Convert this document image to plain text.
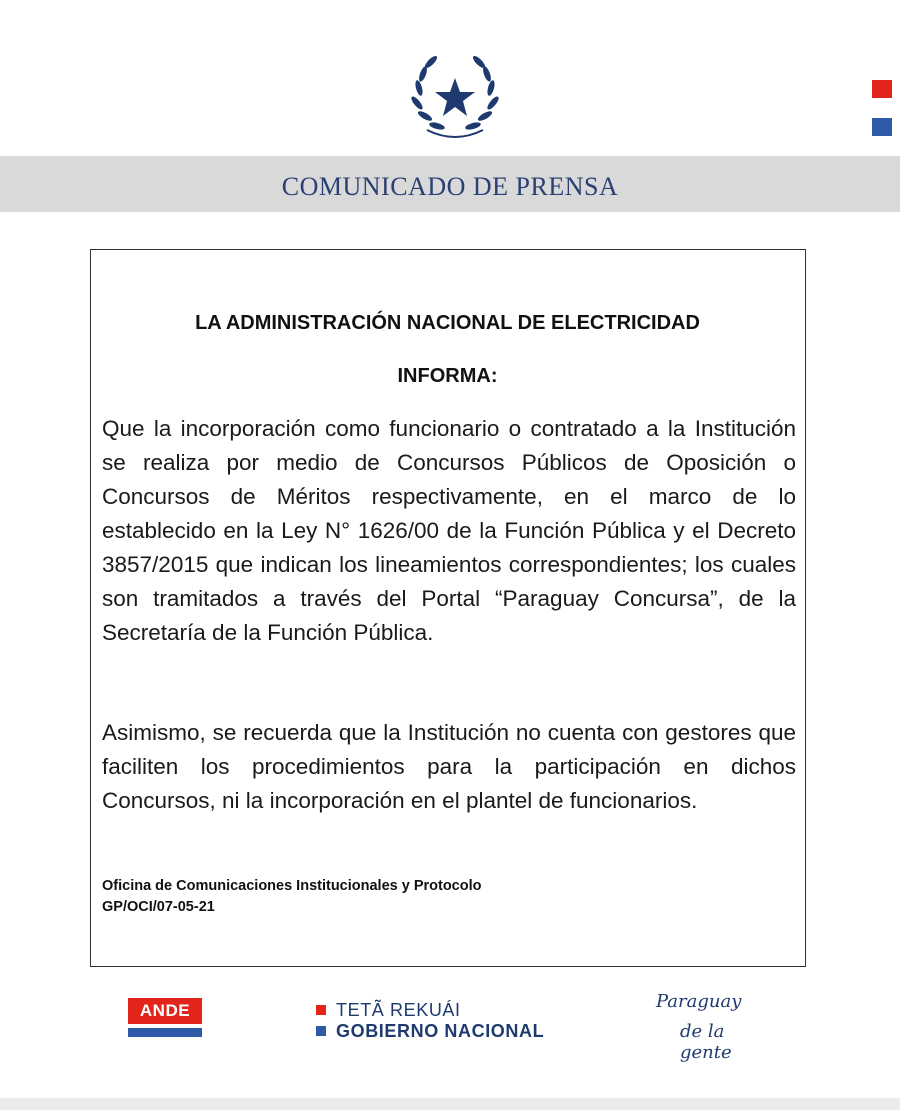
COMUNICADO DE PRENSA
LA ADMINISTRACIÓN NACIONAL DE ELECTRICIDAD
INFORMA:
Que la incorporación como funcionario o contratado a la Institución se realiza por medio de Concursos Públicos de Oposición o Concursos de Méritos respectivamente, en el marco de lo establecido en la Ley N° 1626/00 de la Función Pública y el Decreto 3857/2015 que indican los lineamientos correspondientes; los cuales son tramitados a través del Portal “Paraguay Concursa”, de la Secretaría de la Función Pública.
Asimismo, se recuerda que la Institución no cuenta con gestores que faciliten los procedimientos para la participación en dichos Concursos, ni la incorporación en el plantel de funcionarios.
Oficina de Comunicaciones Institucionales y Protocolo
GP/OCI/07-05-21
ANDE	TETÃ REKUÁI
GOBIERNO NACIONAL
Paraguay
de la gente
